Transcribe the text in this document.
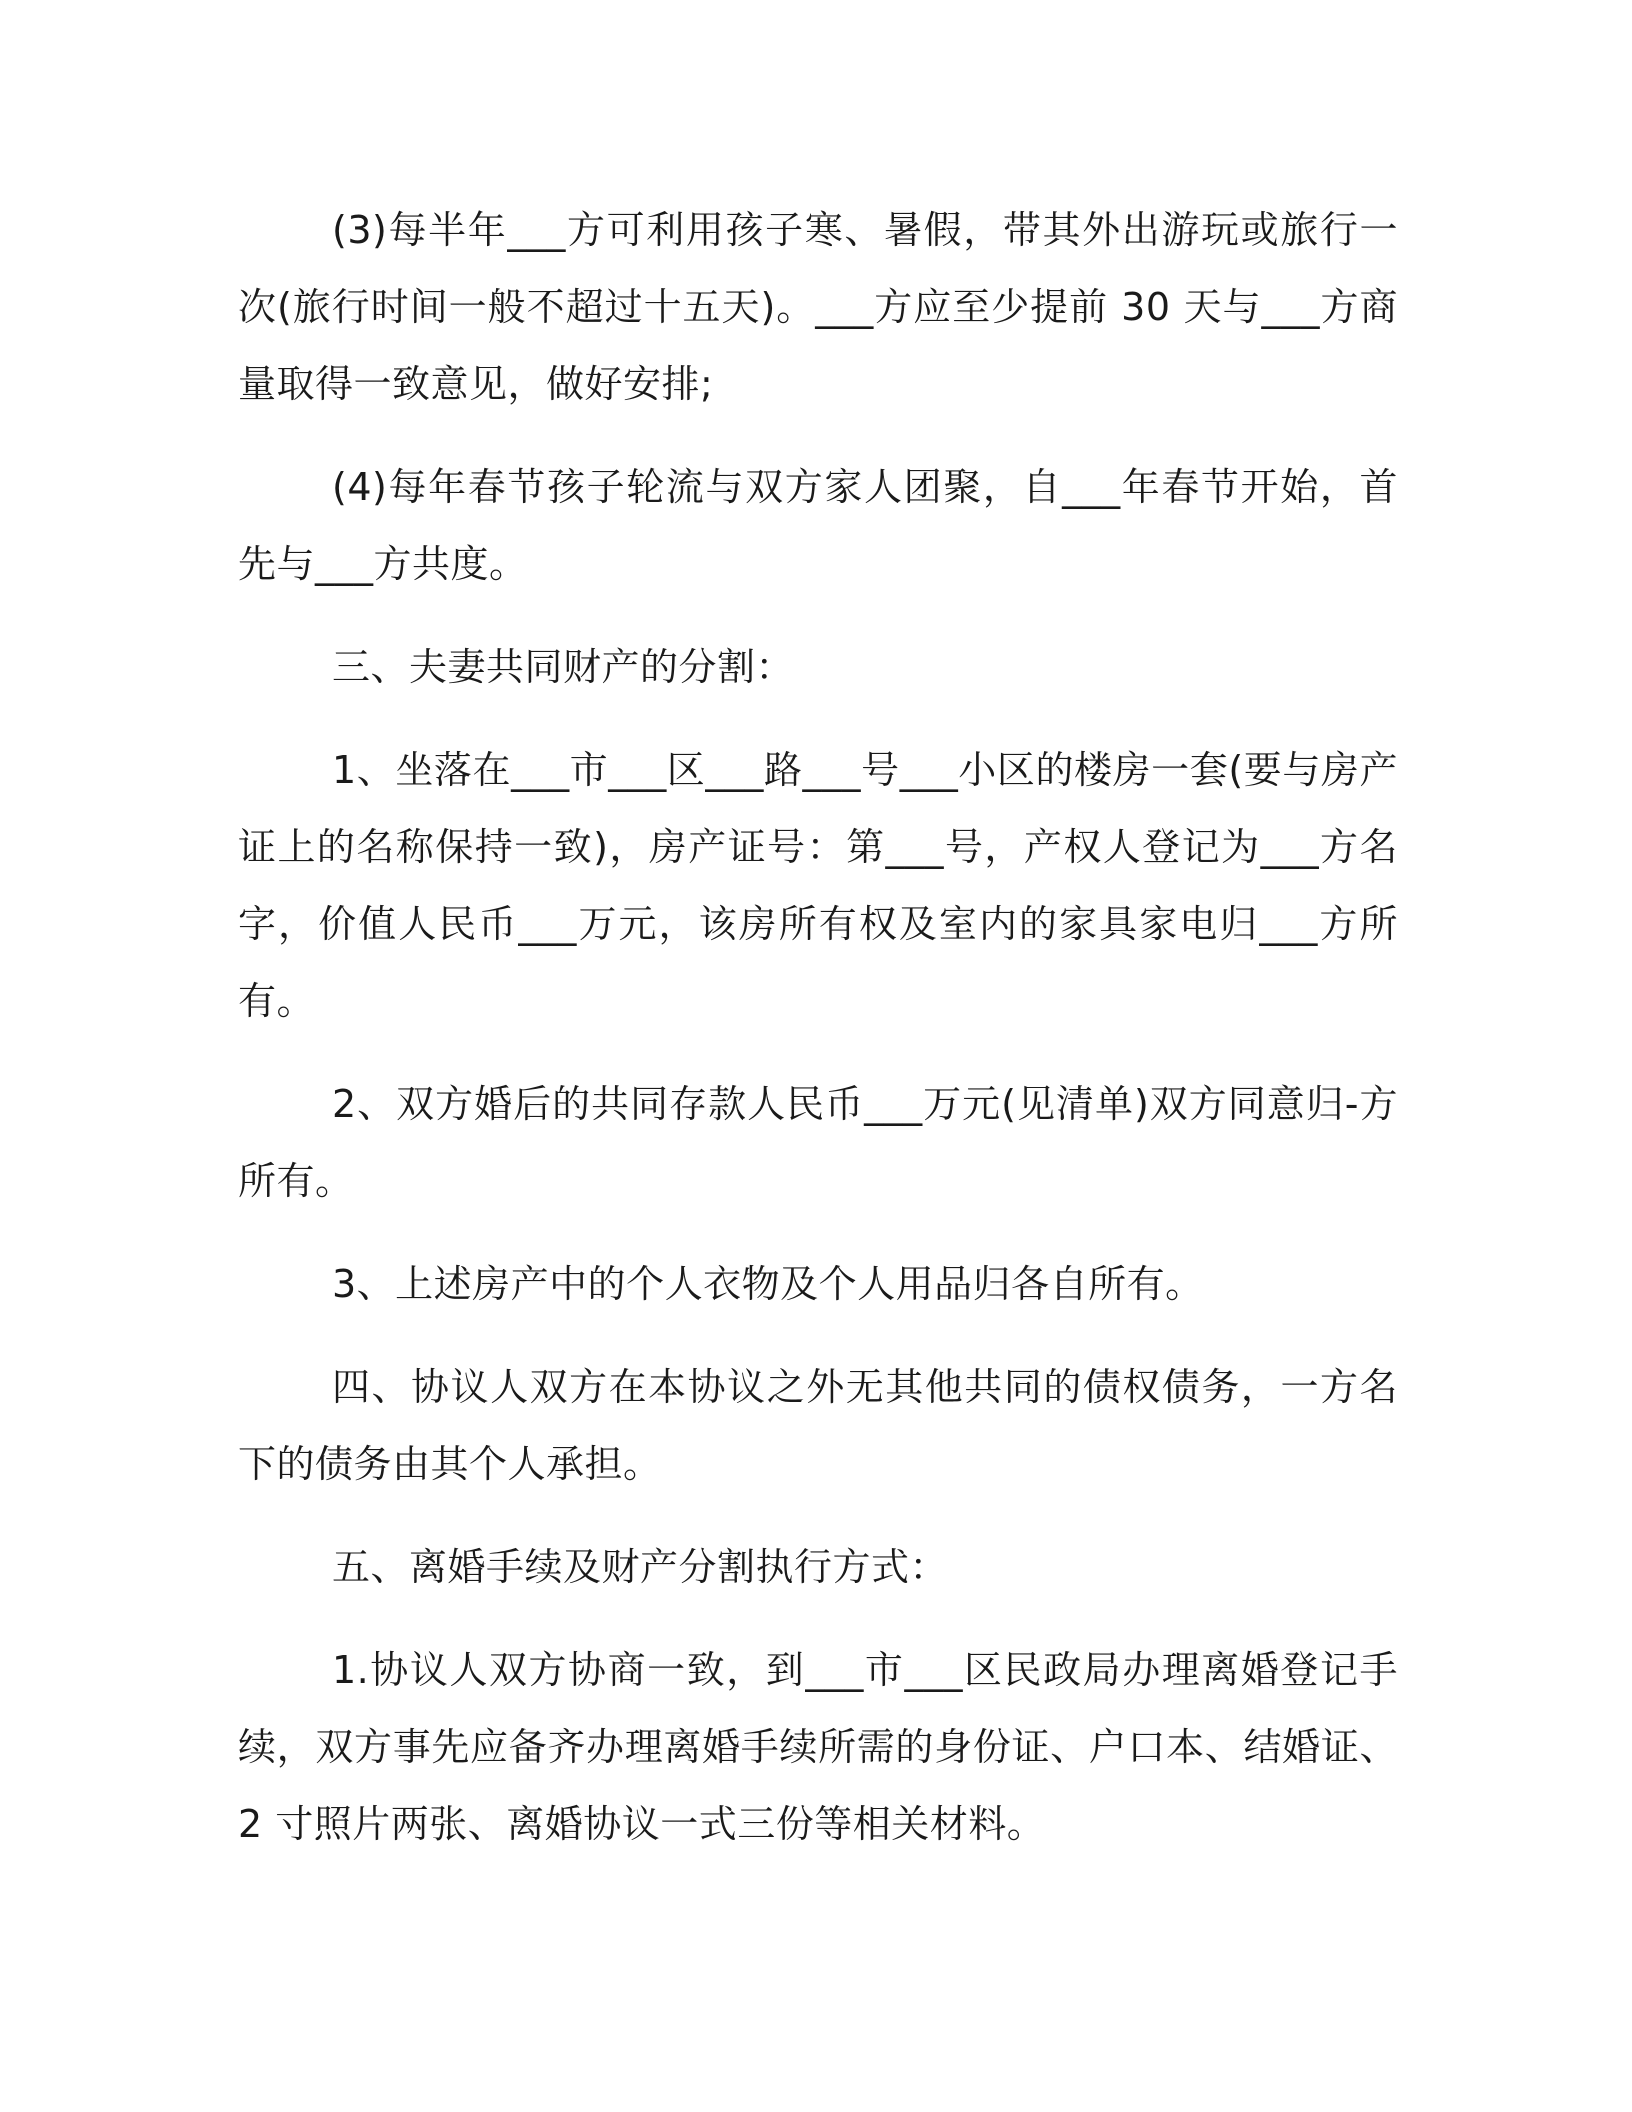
(3)每半年___方可利用孩子寒、暑假，带其外出游玩或旅行一次(旅行时间一般不超过十五天)。___方应至少提前 30 天与___方商量取得一致意见，做好安排;

(4)每年春节孩子轮流与双方家人团聚，自___年春节开始，首先与___方共度。

三、夫妻共同财产的分割：

1、坐落在___市___区___路___号___小区的楼房一套(要与房产证上的名称保持一致)，房产证号：第___号，产权人登记为___方名字，价值人民币___万元，该房所有权及室内的家具家电归___方所有。

2、双方婚后的共同存款人民币___万元(见清单)双方同意归-方所有。

3、上述房产中的个人衣物及个人用品归各自所有。

四、协议人双方在本协议之外无其他共同的债权债务，一方名下的债务由其个人承担。

五、离婚手续及财产分割执行方式：

1.协议人双方协商一致，到___市___区民政局办理离婚登记手续，双方事先应备齐办理离婚手续所需的身份证、户口本、结婚证、2 寸照片两张、离婚协议一式三份等相关材料。
